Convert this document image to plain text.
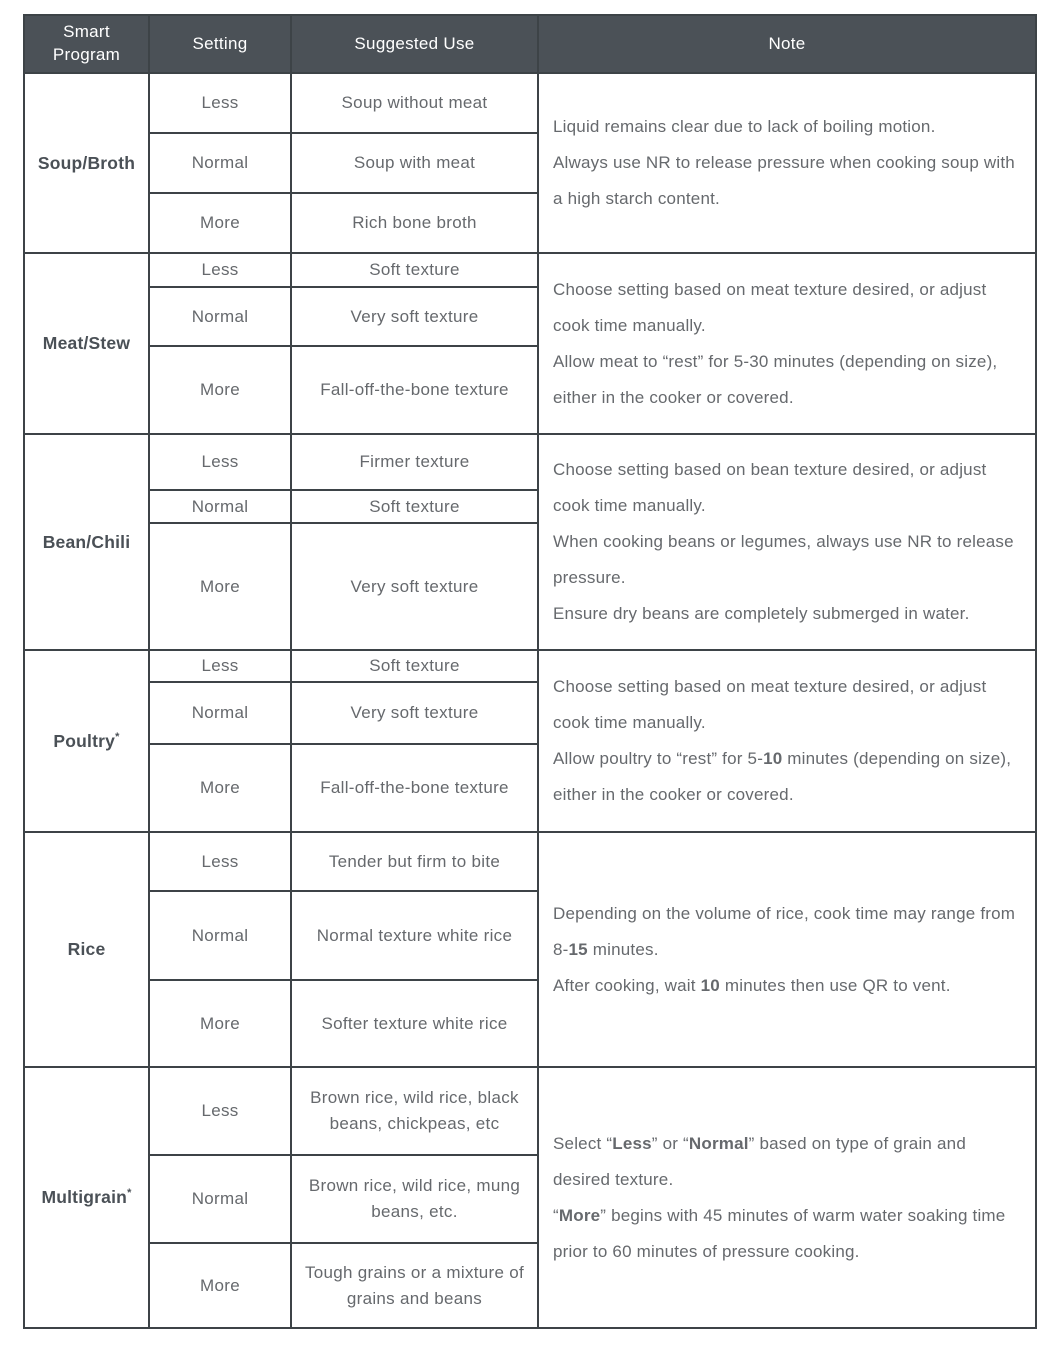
Smart Program	Setting	Suggested Use	Note
Soup/Broth	Less	Soup without meat	Liquid remains clear due to lack of boiling motion.
Always use NR to release pressure when cooking soup with a high starch content.

	Normal	Soup with meat	
	More	Rich bone broth	
Meat/Stew	Less	Soft texture	Choose setting based on meat texture desired, or adjust cook time manually.
Allow meat to “rest” for 5-30 minutes (depending on size), either in the cooker or covered.

	Normal	Very soft texture	
	More	Fall-off-the-bone texture	
Bean/Chili	Less	Firmer texture	Choose setting based on bean texture desired, or adjust cook time manually.
When cooking beans or legumes, always use NR to release pressure.
Ensure dry beans are completely submerged in water.

	Normal	Soft texture	
	More	Very soft texture	
Poultry*	Less	Soft texture	Choose setting based on meat texture desired, or adjust cook time manually.
Allow poultry to “rest” for 5-10 minutes (depending on size), either in the cooker or covered.

	Normal	Very soft texture	
	More	Fall-off-the-bone texture	
Rice	Less	Tender but firm to bite	Depending on the volume of rice, cook time may range from 8-15 minutes.
After cooking, wait 10 minutes then use QR to vent.

	Normal	Normal texture white rice	
	More	Softer texture white rice	
Multigrain*	Less	Brown rice, wild rice, black beans, chickpeas, etc	Select “Less” or “Normal” based on type of grain and desired texture.
“More” begins with 45 minutes of warm water soaking time prior to 60 minutes of pressure cooking.

	Normal	Brown rice, wild rice, mung beans, etc.	
	More	Tough grains or a mixture of grains and beans	
